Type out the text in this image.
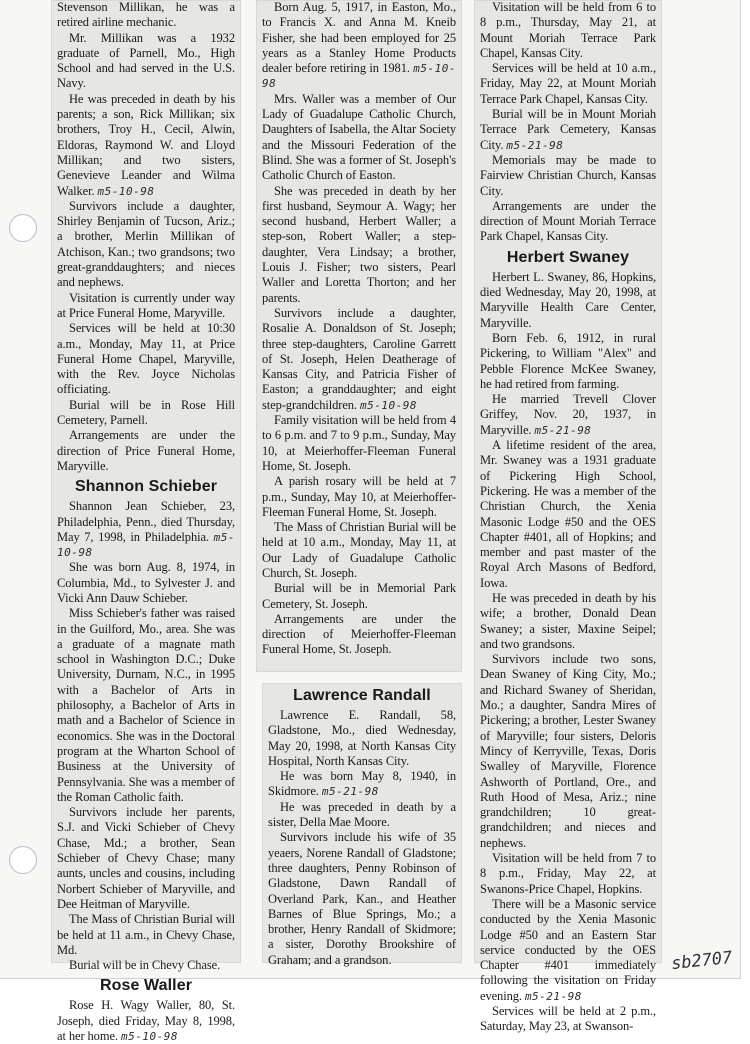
Stevenson Millikan, he was a retired airline mechanic.

Mr. Millikan was a 1932 graduate of Parnell, Mo., High School and had served in the U.S. Navy.

He was preceded in death by his parents; a son, Rick Millikan; six brothers, Troy H., Cecil, Alwin, Eldoras, Raymond W. and Lloyd Millikan; and two sisters, Genevieve Leander and Wilma Walker. m5-10-98

Survivors include a daughter, Shirley Benjamin of Tucson, Ariz.; a brother, Merlin Millikan of Atchison, Kan.; two grandsons; two great-granddaughters; and nieces and nephews.

Visitation is currently under way at Price Funeral Home, Maryville.

Services will be held at 10:30 a.m., Monday, May 11, at Price Funeral Home Chapel, Maryville, with the Rev. Joyce Nicholas officiating.

Burial will be in Rose Hill Cemetery, Parnell.

Arrangements are under the direction of Price Funeral Home, Maryville.

Shannon Schieber

Shannon Jean Schieber, 23, Philadelphia, Penn., died Thursday, May 7, 1998, in Philadelphia. m5-10-98

She was born Aug. 8, 1974, in Columbia, Md., to Sylvester J. and Vicki Ann Dauw Schieber.

Miss Schieber's father was raised in the Guilford, Mo., area. She was a graduate of a magnate math school in Washington D.C.; Duke University, Durnam, N.C., in 1995 with a Bachelor of Arts in philosophy, a Bachelor of Arts in math and a Bachelor of Science in economics. She was in the Doctoral program at the Wharton School of Business at the University of Pennsylvania. She was a member of the Roman Catholic faith.

Survivors include her parents, S.J. and Vicki Schieber of Chevy Chase, Md.; a brother, Sean Schieber of Chevy Chase; many aunts, uncles and cousins, including Norbert Schieber of Maryville, and Dee Heitman of Maryville.

The Mass of Christian Burial will be held at 11 a.m., in Chevy Chase, Md.

Burial will be in Chevy Chase.

Rose Waller

Rose H. Wagy Waller, 80, St. Joseph, died Friday, May 8, 1998, at her home. m5-10-98

Born Aug. 5, 1917, in Easton, Mo., to Francis X. and Anna M. Kneib Fisher, she had been employed for 25 years as a Stanley Home Products dealer before retiring in 1981. m5-10-98

Mrs. Waller was a member of Our Lady of Guadalupe Catholic Church, Daughters of Isabella, the Altar Society and the Missouri Federation of the Blind. She was a former of St. Joseph's Catholic Church of Easton.

She was preceded in death by her first husband, Seymour A. Wagy; her second husband, Herbert Waller; a step-son, Robert Waller; a step-daughter, Vera Lindsay; a brother, Louis J. Fisher; two sisters, Pearl Waller and Loretta Thorton; and her parents.

Survivors include a daughter, Rosalie A. Donaldson of St. Joseph; three step-daughters, Caroline Garrett of St. Joseph, Helen Deatherage of Kansas City, and Patricia Fisher of Easton; a granddaughter; and eight step-grandchildren. m5-10-98

Family visitation will be held from 4 to 6 p.m. and 7 to 9 p.m., Sunday, May 10, at Meierhoffer-Fleeman Funeral Home, St. Joseph.

A parish rosary will be held at 7 p.m., Sunday, May 10, at Meierhoffer-Fleeman Funeral Home, St. Joseph.

The Mass of Christian Burial will be held at 10 a.m., Monday, May 11, at Our Lady of Guadalupe Catholic Church, St. Joseph.

Burial will be in Memorial Park Cemetery, St. Joseph.

Arrangements are under the direction of Meierhoffer-Fleeman Funeral Home, St. Joseph.

Lawrence Randall

Lawrence E. Randall, 58, Gladstone, Mo., died Wednesday, May 20, 1998, at North Kansas City Hospital, North Kansas City.

He was born May 8, 1940, in Skidmore. m5-21-98

He was preceded in death by a sister, Della Mae Moore.

Survivors include his wife of 35 yeaers, Norene Randall of Gladstone; three daughters, Penny Robinson of Gladstone, Dawn Randall of Overland Park, Kan., and Heather Barnes of Blue Springs, Mo.; a brother, Henry Randall of Skidmore; a sister, Dorothy Brookshire of Graham; and a grandson.

Visitation will be held from 6 to 8 p.m., Thursday, May 21, at Mount Moriah Terrace Park Chapel, Kansas City.

Services will be held at 10 a.m., Friday, May 22, at Mount Moriah Terrace Park Chapel, Kansas City.

Burial will be in Mount Moriah Terrace Park Cemetery, Kansas City. m5-21-98

Memorials may be made to Fairview Christian Church, Kansas City.

Arrangements are under the direction of Mount Moriah Terrace Park Chapel, Kansas City.

Herbert Swaney

Herbert L. Swaney, 86, Hopkins, died Wednesday, May 20, 1998, at Maryville Health Care Center, Maryville.

Born Feb. 6, 1912, in rural Pickering, to William "Alex" and Pebble Florence McKee Swaney, he had retired from farming.

He married Trevell Clover Griffey, Nov. 20, 1937, in Maryville. m5-21-98

A lifetime resident of the area, Mr. Swaney was a 1931 graduate of Pickering High School, Pickering. He was a member of the Christian Church, the Xenia Masonic Lodge #50 and the OES Chapter #401, all of Hopkins; and member and past master of the Royal Arch Masons of Bedford, Iowa.

He was preceded in death by his wife; a brother, Donald Dean Swaney; a sister, Maxine Seipel; and two grandsons.

Survivors include two sons, Dean Swaney of King City, Mo.; and Richard Swaney of Sheridan, Mo.; a daughter, Sandra Mires of Pickering; a brother, Lester Swaney of Maryville; four sisters, Deloris Mincy of Kerryville, Texas, Doris Swalley of Maryville, Florence Ashworth of Portland, Ore., and Ruth Hood of Mesa, Ariz.; nine grandchildren; 10 great-grandchildren; and nieces and nephews.

Visitation will be held from 7 to 8 p.m., Friday, May 22, at Swanons-Price Chapel, Hopkins.

There will be a Masonic service conducted by the Xenia Masonic Lodge #50 and an Eastern Star service conducted by the OES Chapter #401 immediately following the visitation on Friday evening. m5-21-98

Services will be held at 2 p.m., Saturday, May 23, at Swanson-

sb2707
